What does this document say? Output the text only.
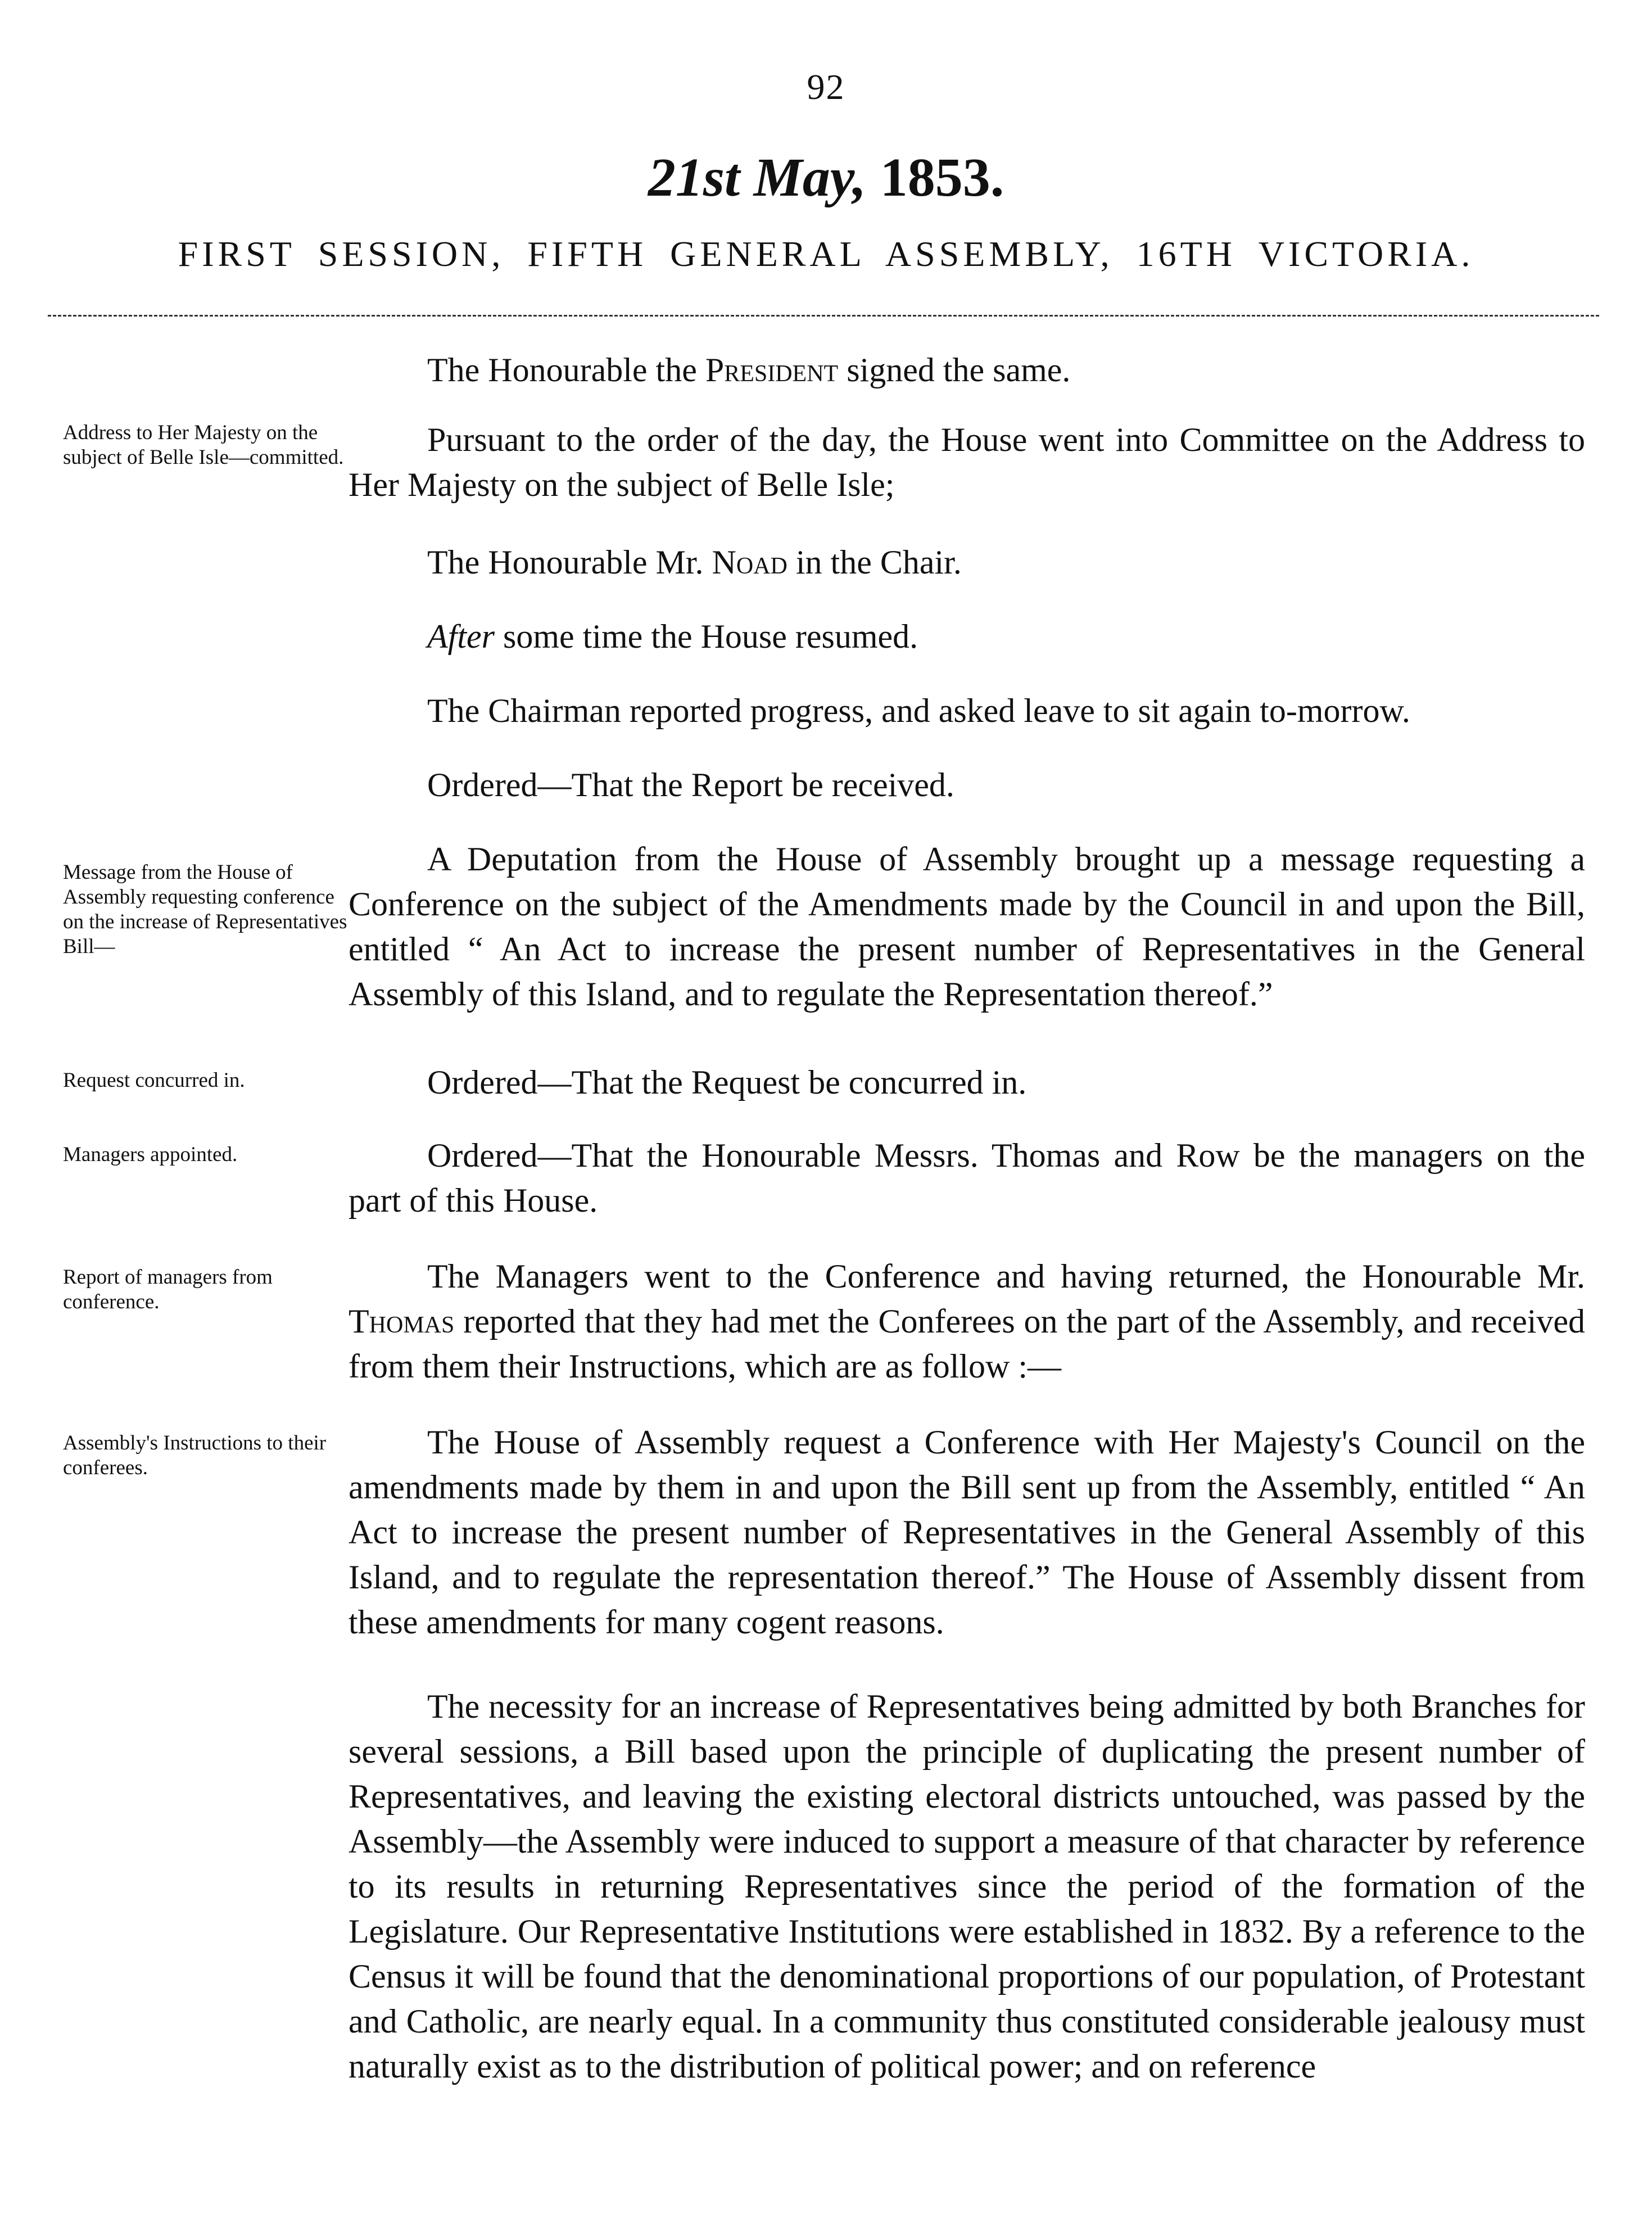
92
21st May, 1853.
FIRST SESSION, FIFTH GENERAL ASSEMBLY, 16TH VICTORIA.
Address to Her Majesty on the subject of Belle Isle—committed.
Message from the House of Assembly requesting conference on the increase of Representatives Bill—
Request concurred in.
Managers appointed.
Report of managers from conference.
Assembly's Instructions to their conferees.

The Honourable the President signed the same.

Pursuant to the order of the day, the House went into Committee on the Address to Her Majesty on the subject of Belle Isle;

The Honourable Mr. Noad in the Chair.

After some time the House resumed.

The Chairman reported progress, and asked leave to sit again to-morrow.

Ordered—That the Report be received.

A Deputation from the House of Assembly brought up a message requesting a Conference on the subject of the Amendments made by the Council in and upon the Bill, entitled “ An Act to increase the present number of Representatives in the General Assembly of this Island, and to regulate the Representation thereof.”

Ordered—That the Request be concurred in.

Ordered—That the Honourable Messrs. Thomas and Row be the managers on the part of this House.

The Managers went to the Conference and having returned, the Honourable Mr. Thomas reported that they had met the Conferees on the part of the Assembly, and received from them their Instructions, which are as follow :—

The House of Assembly request a Conference with Her Majesty's Council on the amendments made by them in and upon the Bill sent up from the Assembly, entitled “ An Act to increase the present number of Representatives in the General Assembly of this Island, and to regulate the representation thereof.” The House of Assembly dissent from these amendments for many cogent reasons.

The necessity for an increase of Representatives being admitted by both Branches for several sessions, a Bill based upon the principle of duplicating the present number of Representatives, and leaving the existing electoral districts untouched, was passed by the Assembly—the Assembly were induced to support a measure of that character by reference to its results in returning Representatives since the period of the formation of the Legislature. Our Representative Institutions were established in 1832. By a reference to the Census it will be found that the denominational proportions of our population, of Protestant and Catholic, are nearly equal. In a community thus constituted considerable jealousy must naturally exist as to the distribution of political power; and on reference
